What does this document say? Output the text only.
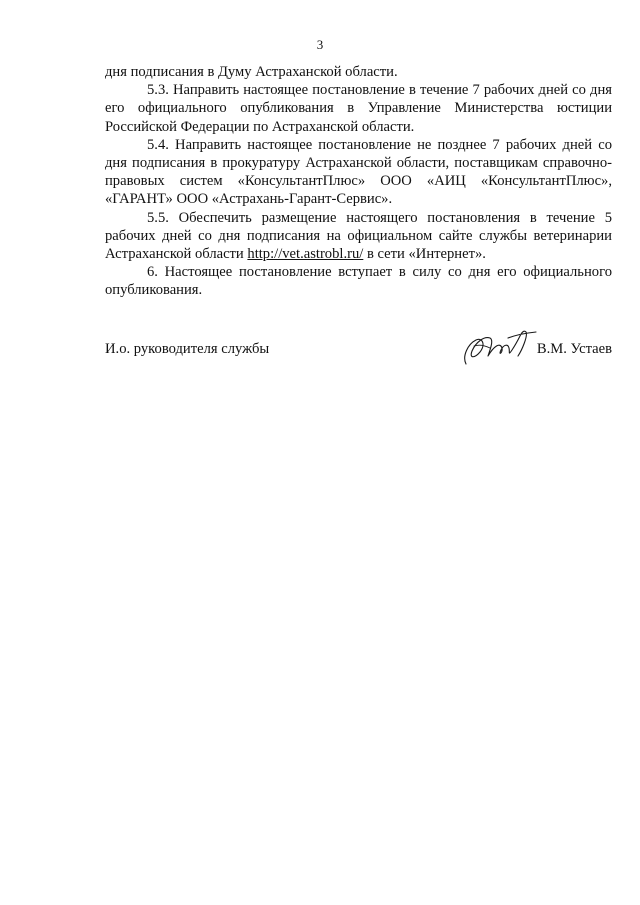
3

дня подписания в Думу Астраханской области.

5.3. Направить настоящее постановление в течение 7 рабочих дней со дня его официального опубликования в Управление Министерства юстиции Российской Федерации по Астраханской области.

5.4. Направить настоящее постановление не позднее 7 рабочих дней со дня подписания в прокуратуру Астраханской области, поставщикам справочно-правовых систем «КонсультантПлюс» ООО «АИЦ «КонсультантПлюс», «ГАРАНТ» ООО «Астрахань-Гарант-Сервис».

5.5. Обеспечить размещение настоящего постановления в течение 5 рабочих дней со дня подписания на официальном сайте службы ветеринарии Астраханской области http://vet.astrobl.ru/ в сети «Интернет».

6. Настоящее постановление вступает в силу со дня его официального опубликования.

И.о. руководителя службы	В.М. Устаев
